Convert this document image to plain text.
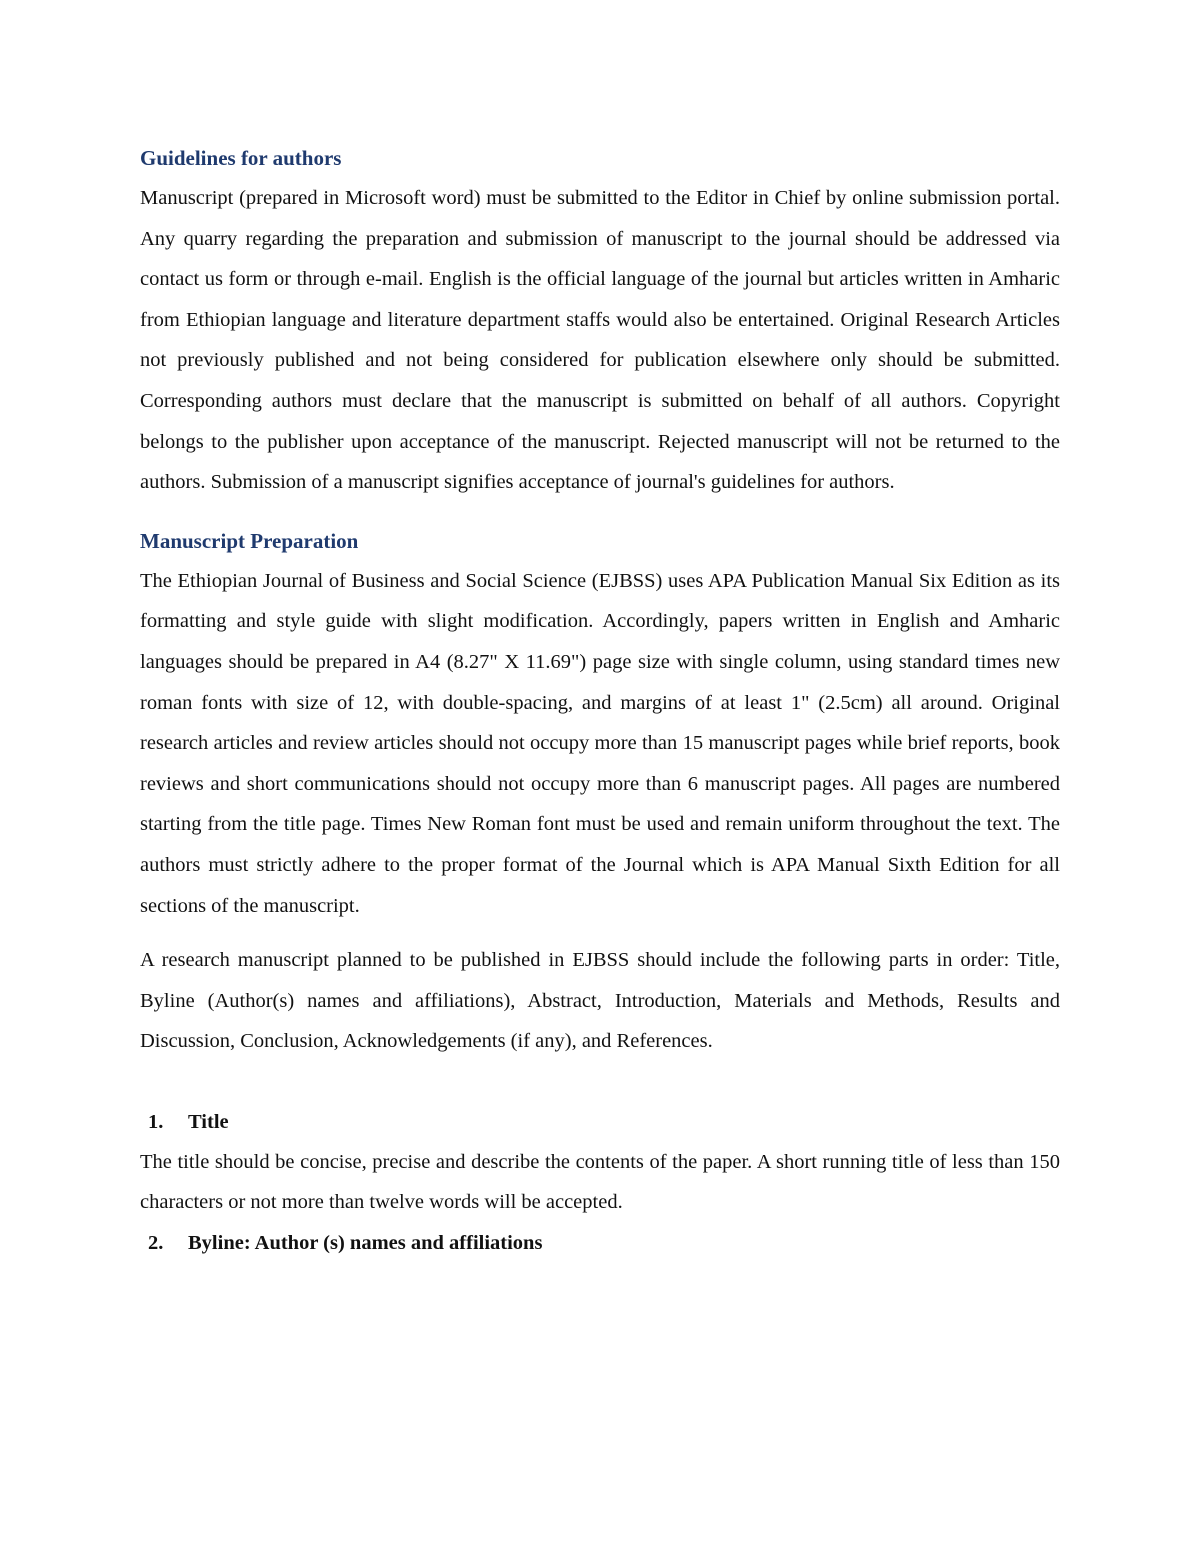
Guidelines for authors

Manuscript (prepared in Microsoft word) must be submitted to the Editor in Chief by online submission portal. Any quarry regarding the preparation and submission of manuscript to the journal should be addressed via contact us form or through e-mail. English is the official language of the journal but articles written in Amharic from Ethiopian language and literature department staffs would also be entertained. Original Research Articles not previously published and not being considered for publication elsewhere only should be submitted. Corresponding authors must declare that the manuscript is submitted on behalf of all authors. Copyright belongs to the publisher upon acceptance of the manuscript. Rejected manuscript will not be returned to the authors. Submission of a manuscript signifies acceptance of journal's guidelines for authors.

Manuscript Preparation

The Ethiopian Journal of Business and Social Science (EJBSS) uses APA Publication Manual Six Edition as its formatting and style guide with slight modification. Accordingly, papers written in English and Amharic languages should be prepared in A4 (8.27" X 11.69") page size with single column, using standard times new roman fonts with size of 12, with double-spacing, and margins of at least 1" (2.5cm) all around. Original research articles and review articles should not occupy more than 15 manuscript pages while brief reports, book reviews and short communications should not occupy more than 6 manuscript pages. All pages are numbered starting from the title page. Times New Roman font must be used and remain uniform throughout the text. The authors must strictly adhere to the proper format of the Journal which is APA Manual Sixth Edition for all sections of the manuscript.

A research manuscript planned to be published in EJBSS should include the following parts in order: Title, Byline (Author(s) names and affiliations), Abstract, Introduction, Materials and Methods, Results and Discussion, Conclusion, Acknowledgements (if any), and References.

1.	Title

The title should be concise, precise and describe the contents of the paper. A short running title of less than 150 characters or not more than twelve words will be accepted.

2.	Byline: Author (s) names and affiliations
